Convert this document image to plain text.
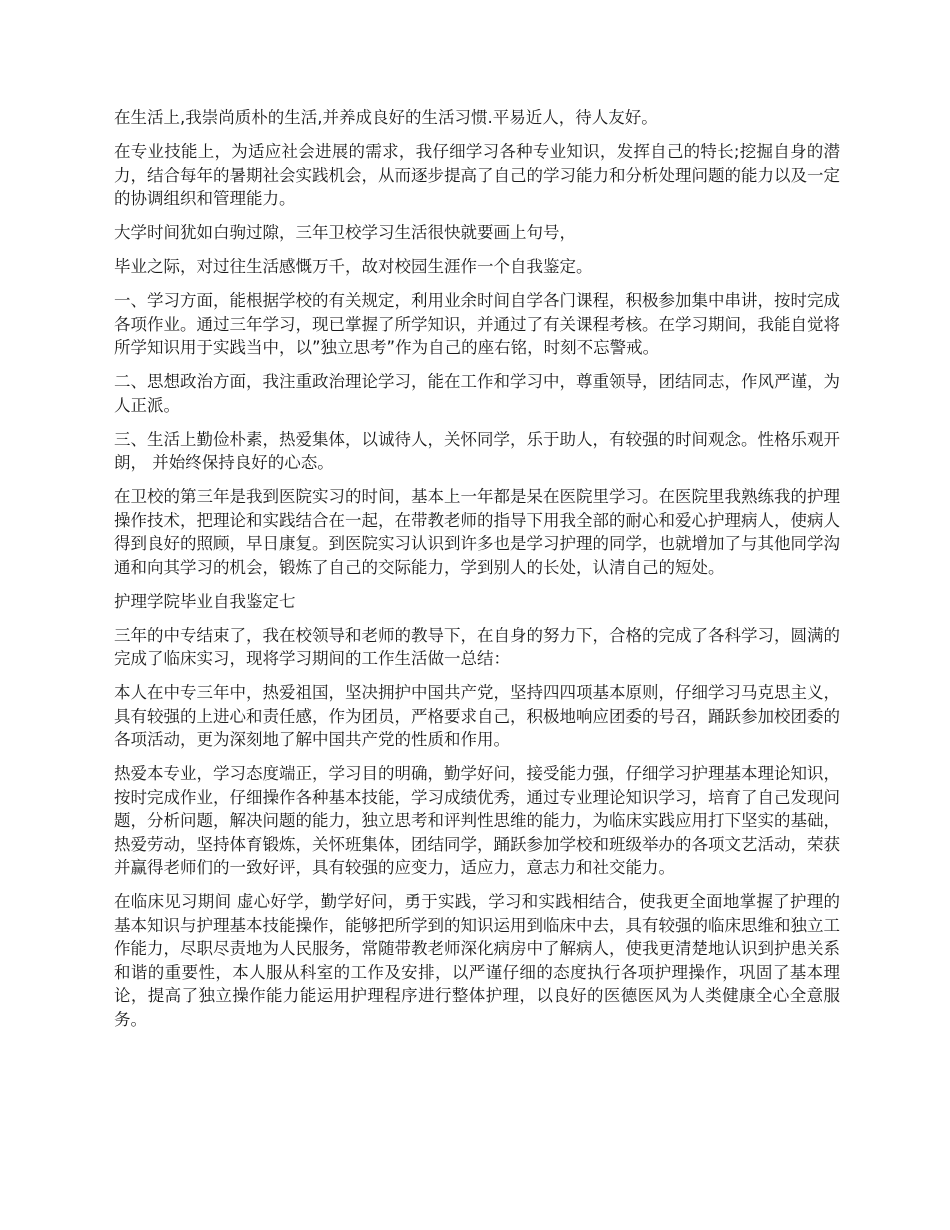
在生活上,我崇尚质朴的生活,并养成良好的生活习惯.平易近人，待人友好。

在专业技能上，为适应社会进展的需求，我仔细学习各种专业知识，发挥自己的特长;挖掘自身的潜力，结合每年的暑期社会实践机会，从而逐步提高了自己的学习能力和分析处理问题的能力以及一定的协调组织和管理能力。

大学时间犹如白驹过隙，三年卫校学习生活很快就要画上句号，

毕业之际，对过往生活感慨万千，故对校园生涯作一个自我鉴定。

一、学习方面，能根据学校的有关规定，利用业余时间自学各门课程，积极参加集中串讲，按时完成各项作业。通过三年学习，现已掌握了所学知识，并通过了有关课程考核。在学习期间，我能自觉将所学知识用于实践当中，以”独立思考”作为自己的座右铭，时刻不忘警戒。

二、思想政治方面，我注重政治理论学习，能在工作和学习中，尊重领导，团结同志，作风严谨，为人正派。

三、生活上勤俭朴素，热爱集体，以诚待人，关怀同学，乐于助人，有较强的时间观念。性格乐观开朗， 并始终保持良好的心态。

在卫校的第三年是我到医院实习的时间，基本上一年都是呆在医院里学习。在医院里我熟练我的护理操作技术，把理论和实践结合在一起，在带教老师的指导下用我全部的耐心和爱心护理病人，使病人得到良好的照顾，早日康复。到医院实习认识到许多也是学习护理的同学，也就增加了与其他同学沟通和向其学习的机会，锻炼了自己的交际能力，学到别人的长处，认清自己的短处。

护理学院毕业自我鉴定七

三年的中专结束了，我在校领导和老师的教导下，在自身的努力下，合格的完成了各科学习，圆满的完成了临床实习，现将学习期间的工作生活做一总结：

本人在中专三年中，热爱祖国，坚决拥护中国共产党，坚持四四项基本原则，仔细学习马克思主义，具有较强的上进心和责任感，作为团员，严格要求自己，积极地响应团委的号召，踊跃参加校团委的各项活动，更为深刻地了解中国共产党的性质和作用。

热爱本专业，学习态度端正，学习目的明确，勤学好问，接受能力强，仔细学习护理基本理论知识，按时完成作业，仔细操作各种基本技能，学习成绩优秀，通过专业理论知识学习，培育了自己发现问题，分析问题，解决问题的能力，独立思考和评判性思维的能力，为临床实践应用打下坚实的基础，热爱劳动，坚持体育锻炼，关怀班集体，团结同学，踊跃参加学校和班级举办的各项文艺活动，荣获并赢得老师们的一致好评，具有较强的应变力，适应力，意志力和社交能力。

在临床见习期间 虚心好学，勤学好问，勇于实践，学习和实践相结合，使我更全面地掌握了护理的基本知识与护理基本技能操作，能够把所学到的知识运用到临床中去，具有较强的临床思维和独立工作能力，尽职尽责地为人民服务，常随带教老师深化病房中了解病人，使我更清楚地认识到护患关系和谐的重要性，本人服从科室的工作及安排，以严谨仔细的态度执行各项护理操作，巩固了基本理论，提高了独立操作能力能运用护理程序进行整体护理，以良好的医德医风为人类健康全心全意服务。
